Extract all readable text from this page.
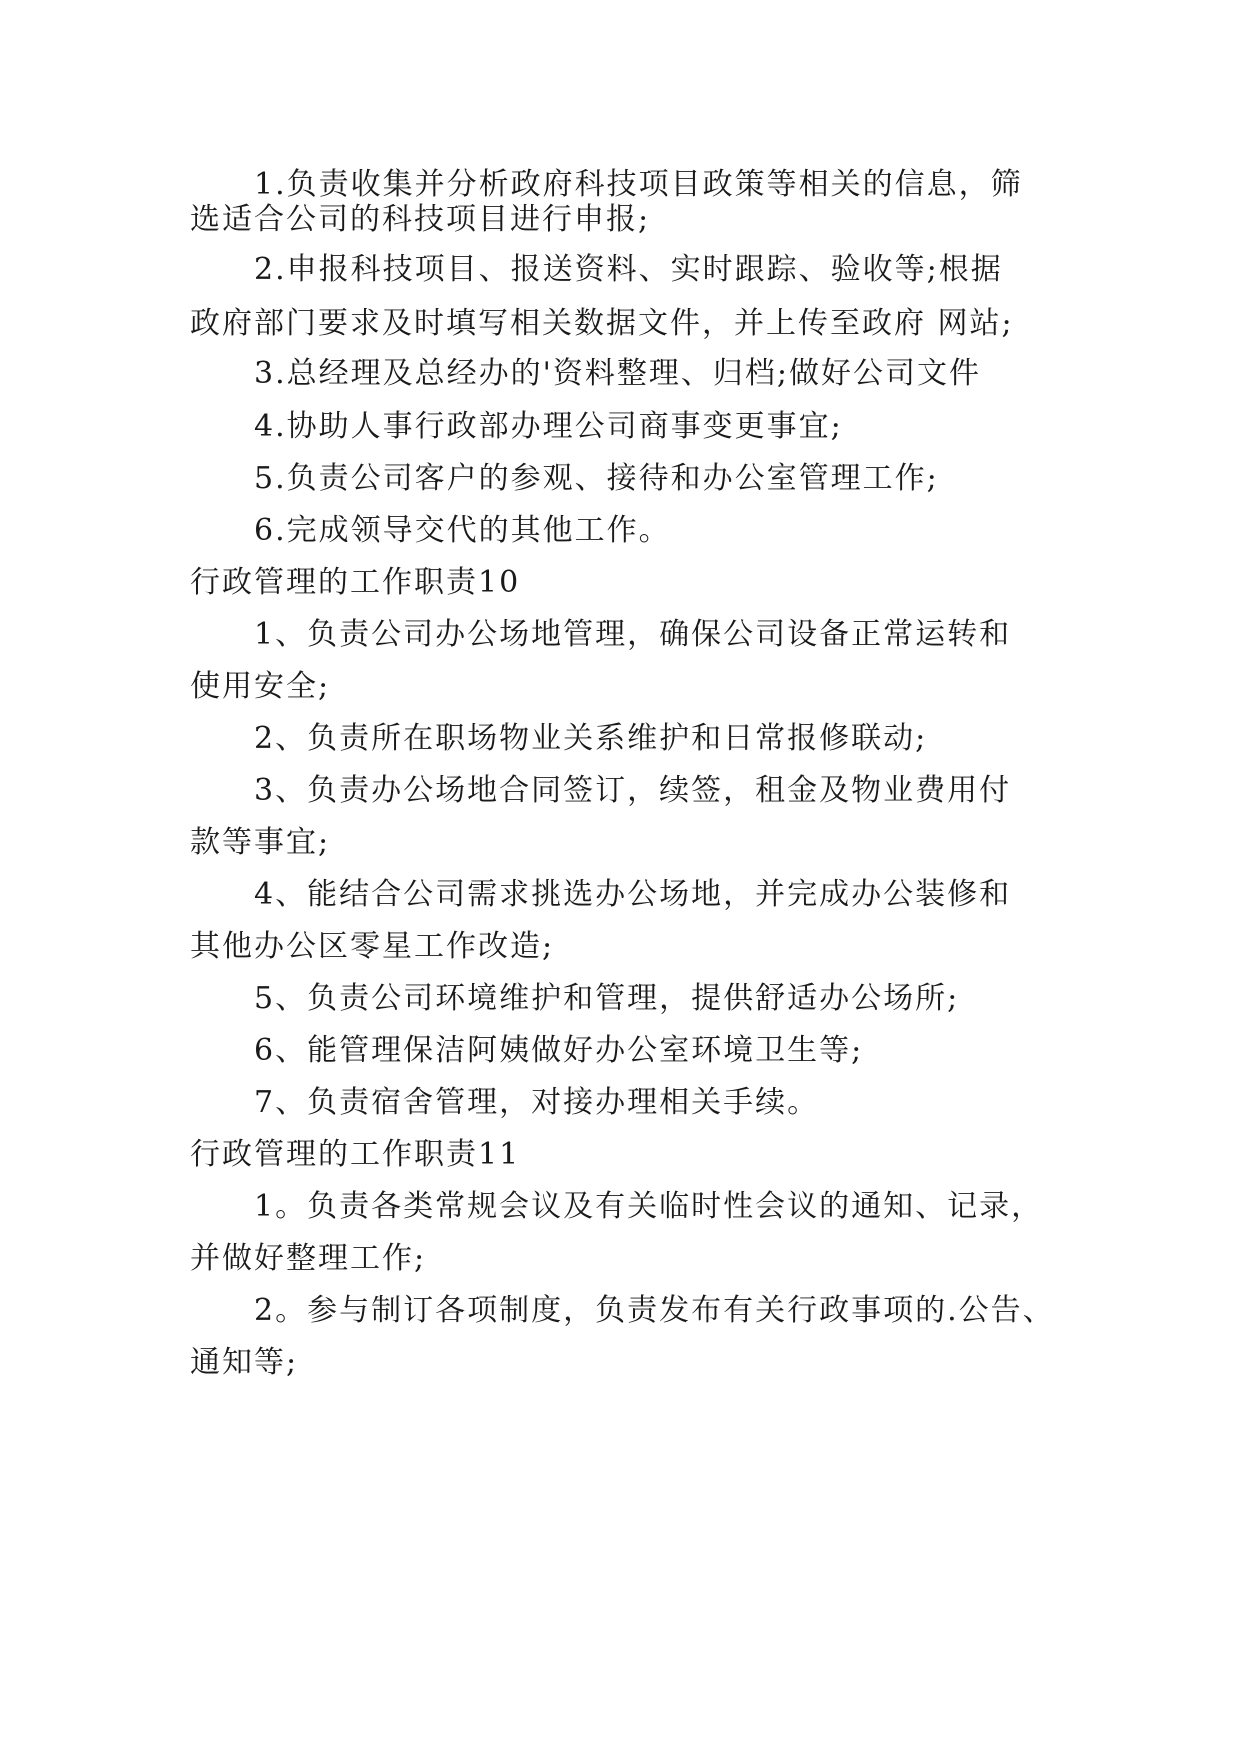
1.负责收集并分析政府科技项目政策等相关的信息，筛
选适合公司的科技项目进行申报;
2.申报科技项目、报送资料、实时跟踪、验收等;根据
政府部门要求及时填写相关数据文件，并上传至政府 网站;
3.总经理及总经办的'资料整理、归档;做好公司文件
4.协助人事行政部办理公司商事变更事宜;
5.负责公司客户的参观、接待和办公室管理工作;
6.完成领导交代的其他工作。
行政管理的工作职责10
1、负责公司办公场地管理，确保公司设备正常运转和
使用安全;
2、负责所在职场物业关系维护和日常报修联动;
3、负责办公场地合同签订，续签，租金及物业费用付
款等事宜;
4、能结合公司需求挑选办公场地，并完成办公装修和
其他办公区零星工作改造;
5、负责公司环境维护和管理，提供舒适办公场所;
6、能管理保洁阿姨做好办公室环境卫生等;
7、负责宿舍管理，对接办理相关手续。
行政管理的工作职责11
1。负责各类常规会议及有关临时性会议的通知、记录，
并做好整理工作;
2。参与制订各项制度，负责发布有关行政事项的.公告、
通知等;
